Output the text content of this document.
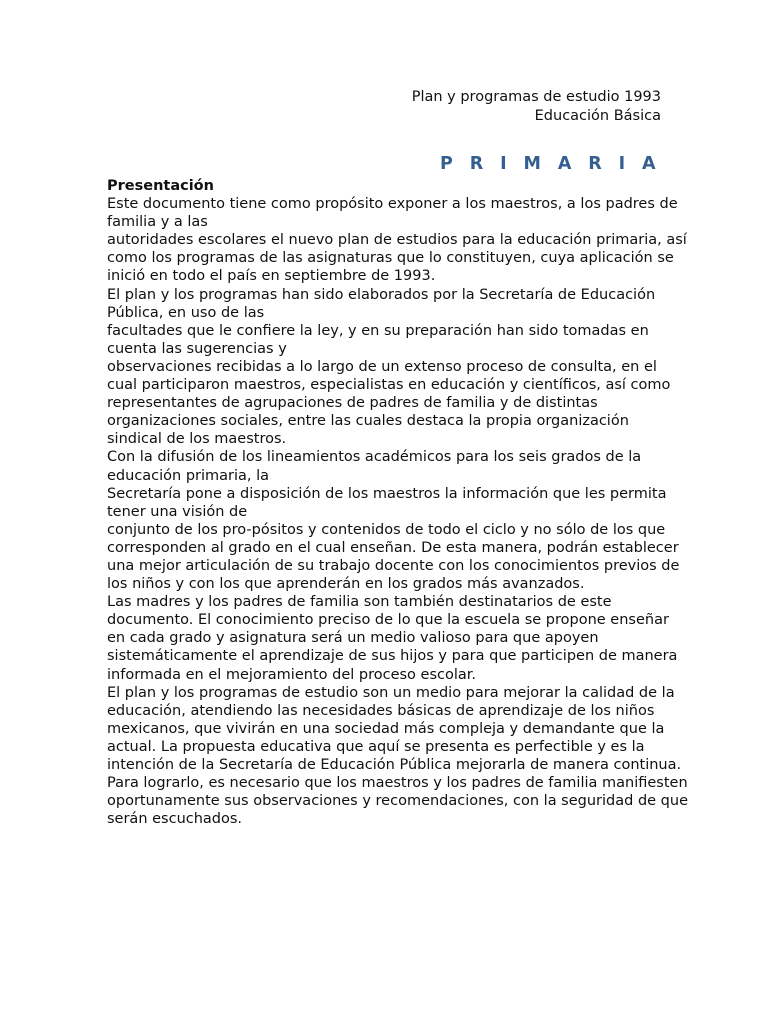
Plan y programas de estudio 1993
Educación Básica
P R I M A R I A
Presentación
Este documento tiene como propósito exponer a los maestros, a los padres de
familia y a las
autoridades escolares el nuevo plan de estudios para la educación primaria, así
como los programas de las asignaturas que lo constituyen, cuya aplicación se
inició en todo el país en septiembre de 1993.
El plan y los programas han sido elaborados por la Secretaría de Educación
Pública, en uso de las
facultades que le confiere la ley, y en su preparación han sido tomadas en
cuenta las sugerencias y
observaciones recibidas a lo largo de un extenso proceso de consulta, en el
cual participaron maestros, especialistas en educación y científicos, así como
representantes de agrupaciones de padres de familia y de distintas
organizaciones sociales, entre las cuales destaca la propia organización
sindical de los maestros.
Con la difusión de los lineamientos académicos para los seis grados de la
educación primaria, la
Secretaría pone a disposición de los maestros la información que les permita
tener una visión de
conjunto de los pro-pósitos y contenidos de todo el ciclo y no sólo de los que
corresponden al grado en el cual enseñan. De esta manera, podrán establecer
una mejor articulación de su trabajo docente con los conocimientos previos de
los niños y con los que aprenderán en los grados más avanzados.
Las madres y los padres de familia son también destinatarios de este
documento. El conocimiento preciso de lo que la escuela se propone enseñar
en cada grado y asignatura será un medio valioso para que apoyen
sistemáticamente el aprendizaje de sus hijos y para que participen de manera
informada en el mejoramiento del proceso escolar.
El plan y los programas de estudio son un medio para mejorar la calidad de la
educación, atendiendo las necesidades básicas de aprendizaje de los niños
mexicanos, que vivirán en una sociedad más compleja y demandante que la
actual. La propuesta educativa que aquí se presenta es perfectible y es la
intención de la Secretaría de Educación Pública mejorarla de manera continua.
Para lograrlo, es necesario que los maestros y los padres de familia manifiesten
oportunamente sus observaciones y recomendaciones, con la seguridad de que
serán escuchados.
